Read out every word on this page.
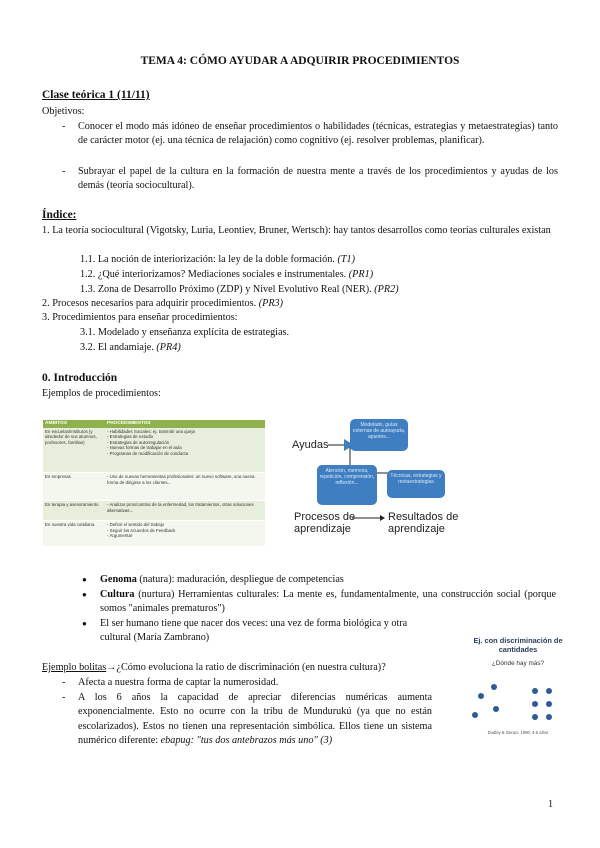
TEMA 4: CÓMO AYUDAR A ADQUIRIR PROCEDIMIENTOS
Clase teórica 1 (11/11)
Objetivos:
- Conocer el modo más idóneo de enseñar procedimientos o habilidades (técnicas, estrategias y metaestrategias) tanto de carácter motor (ej. una técnica de relajación) como cognitivo (ej. resolver problemas, planificar).
- Subrayar el papel de la cultura en la formación de nuestra mente a través de los procedimientos y ayudas de los demás (teoría sociocultural).
Índice:
1. La teoría sociocultural (Vigotsky, Luria, Leontiev, Bruner, Wertsch): hay tantos desarrollos como teorías culturales existan
1.1. La noción de interiorización: la ley de la doble formación. (T1)
1.2. ¿Qué interiorizamos? Mediaciones sociales e instrumentales. (PR1)
1.3. Zona de Desarrollo Próximo (ZDP) y Nivel Evolutivo Real (NER). (PR2)
2. Procesos necesarios para adquirir procedimientos. (PR3)
3. Procedimientos para enseñar procedimientos:
3.1. Modelado y enseñanza explícita de estrategias.
3.2. El andamiaje. (PR4)
0. Introducción
Ejemplos de procedimientos:
ÁMBITOS	PROCEDIMIENTOS
En escuelas/Institutos (y alrededor de sus alumnos, profesores, familias)	- Habilidades Sociales: ej. trasmitir una queja
- Estrategias de estudio
- Estrategias de autorregulación
- Nuevas formas de trabajar en el aula
- Programas de modificación de conducta
En empresas	- Uso de nuevas herramientas profesionales: un nuevo software, una nueva forma de dirigirse a los clientes...
En terapia y asesoramiento	- Analizar pros/contras de la enfermedad, los tratamientos, otras soluciones alternativas...
En nuestra vida cotidiana	- Definir el sentido del trabajo
- Seguir los Acuerdos de Feedback
- Argumentar
Ayudas
Modelado, guías externas de autoayuda, apuntes...
Atención, memoria, repetición, comprensión, reflexión...
Técnicas, estrategias y metaestrategias
Procesos de aprendizaje
Resultados de aprendizaje
● Genoma (natura): maduración, despliegue de competencias
● Cultura (nurtura) Herramientas culturales: La mente es, fundamentalmente, una construcción social (porque somos "animales prematuros")
● El ser humano tiene que nacer dos veces: una vez de forma biológica y otra cultural (María Zambrano)
Ejemplo bolitas→¿Cómo evoluciona la ratio de discriminación (en nuestra cultura)?
- Afecta a nuestra forma de captar la numerosidad.
- A los 6 años la capacidad de apreciar diferencias numéricas aumenta exponencialmente. Esto no ocurre con la tribu de Mundurukú (ya que no están escolarizados). Estos no tienen una representación simbólica. Ellos tiene un sistema numérico diferente: ebapug: "tus dos antebrazos más uno" (3)
Ej. con discriminación de cantidades
¿Dónde hay más?
Dudley & Geraci, 1996; 4-5 años
1
